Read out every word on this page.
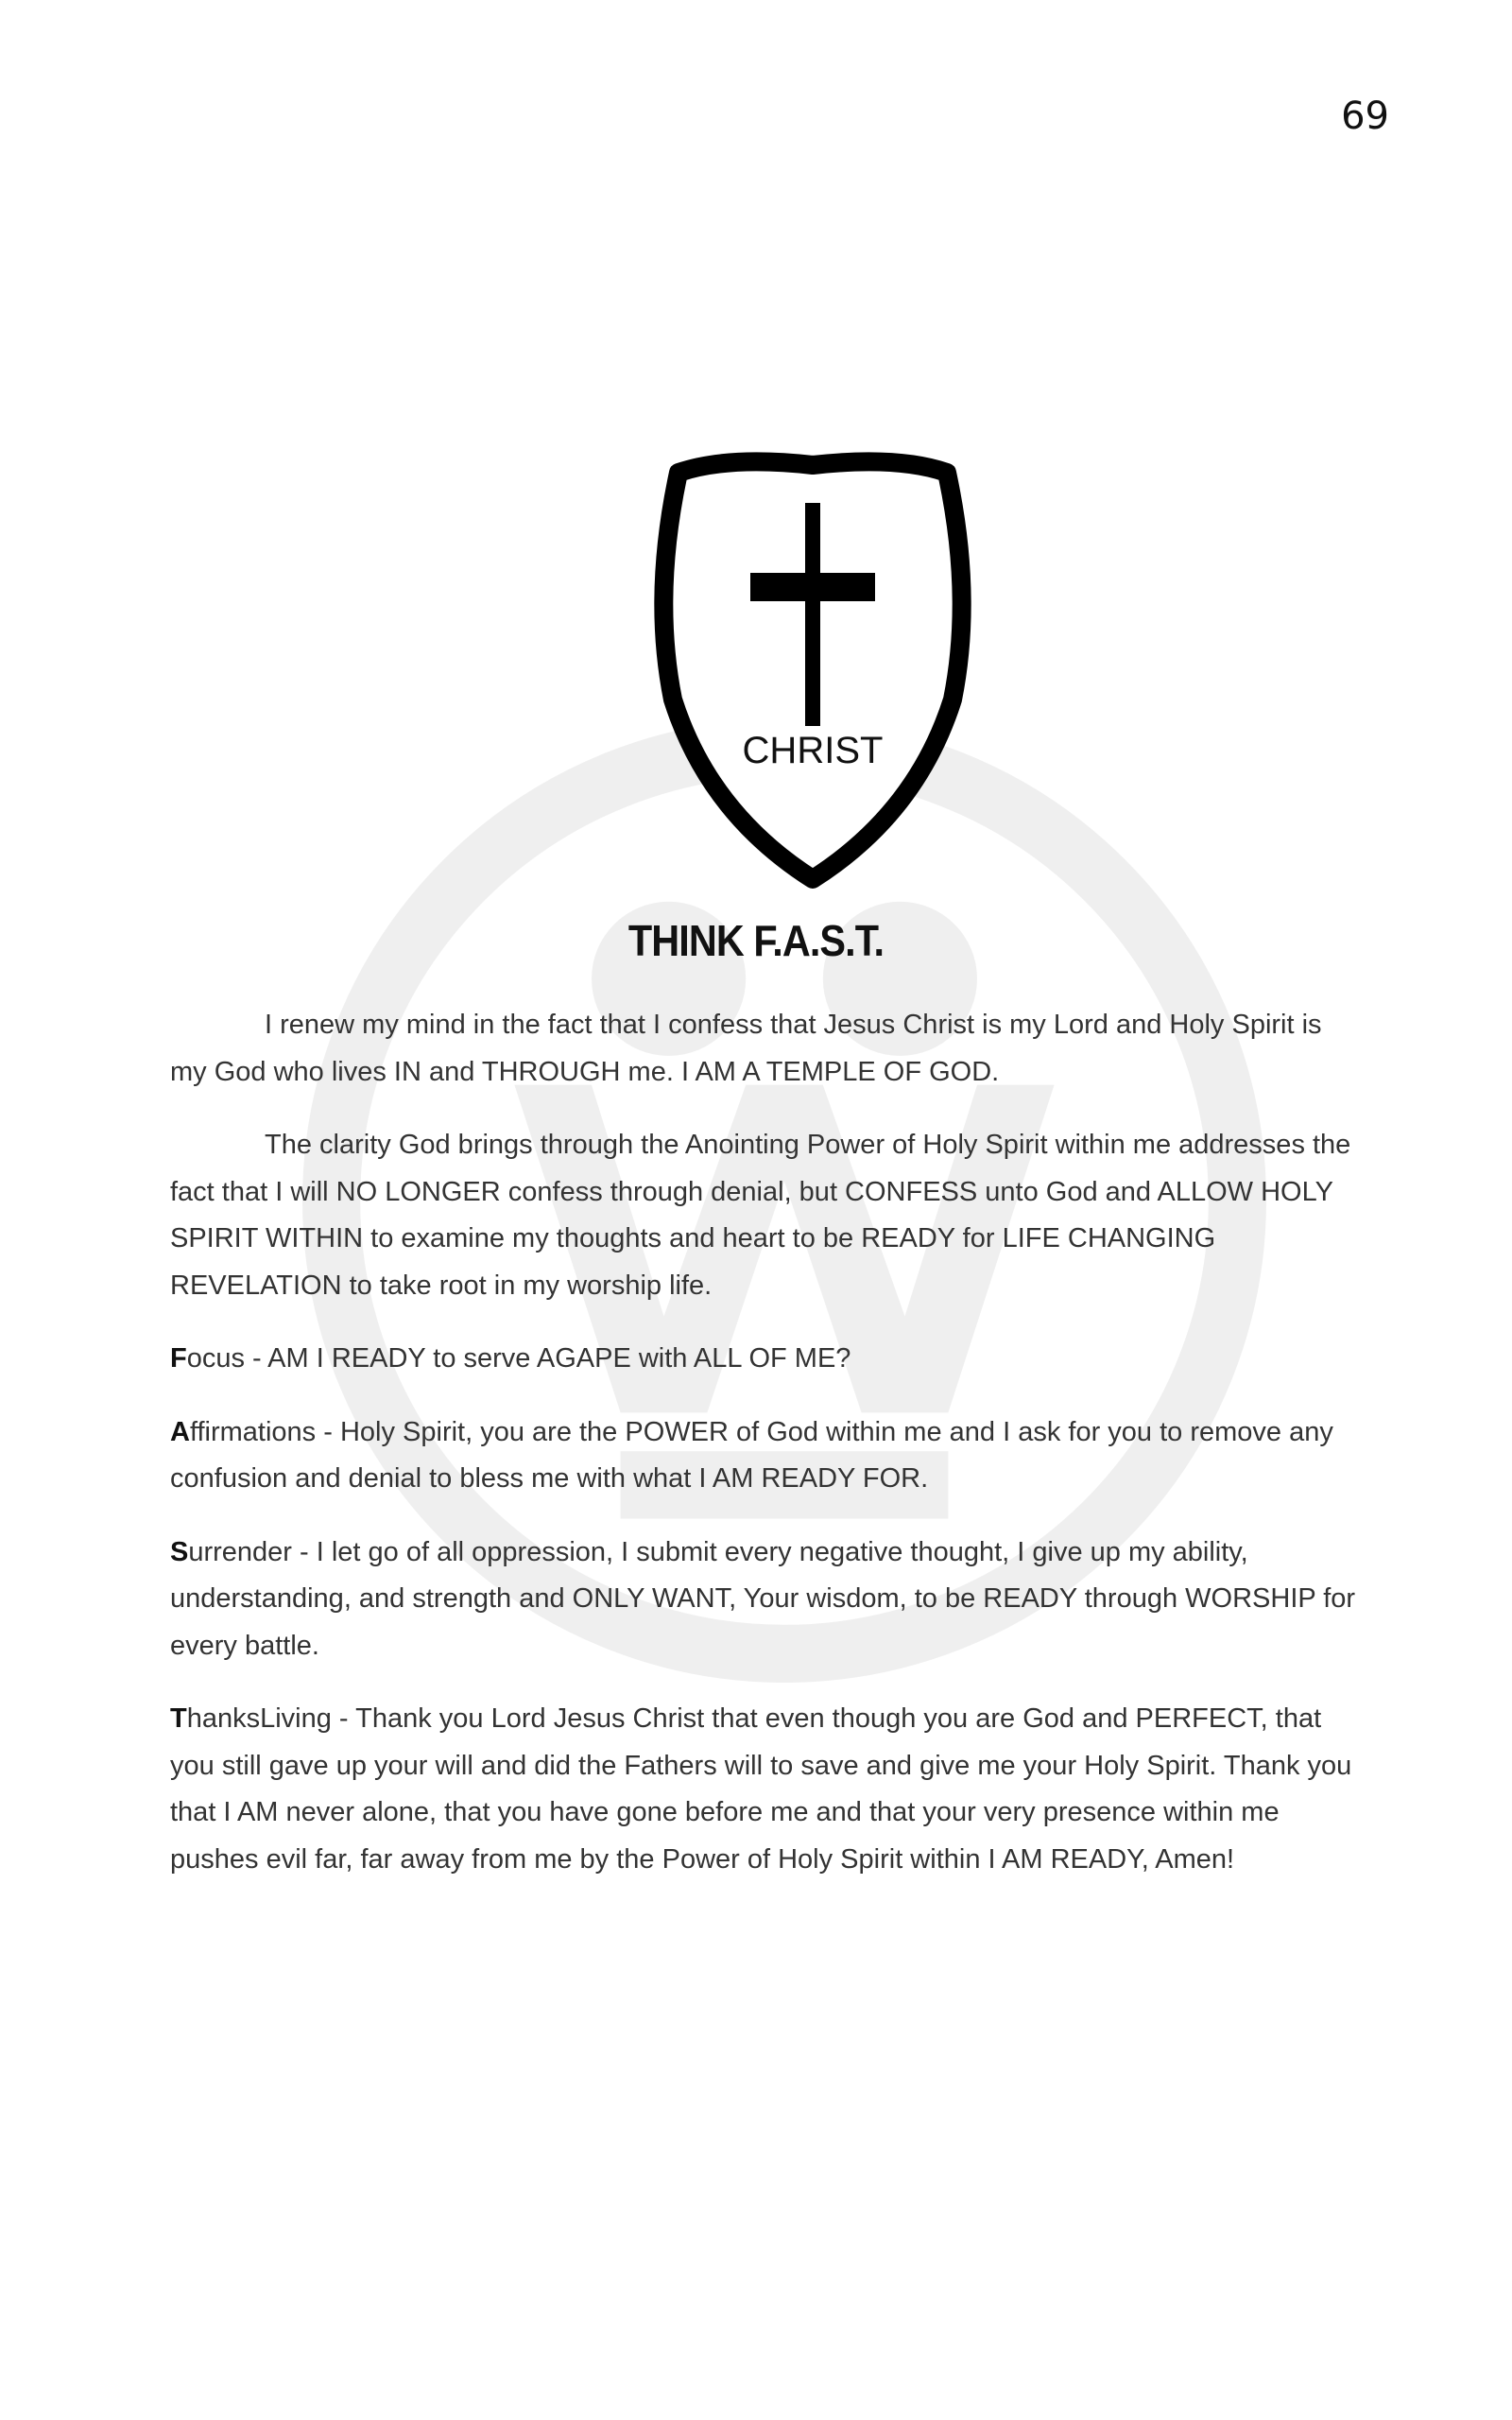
69
CHRIST
THINK F.A.S.T.

I renew my mind in the fact that I confess that Jesus Christ is my Lord and Holy Spirit is my God who lives IN and THROUGH me. I AM A TEMPLE OF GOD.

The clarity God brings through the Anointing Power of Holy Spirit within me addresses the fact that I will NO LONGER confess through denial, but CONFESS unto God and ALLOW HOLY SPIRIT WITHIN to examine my thoughts and heart to be READY for LIFE CHANGING REVELATION to take root in my worship life.

Focus - AM I READY to serve AGAPE with ALL OF ME?

Affirmations - Holy Spirit, you are the POWER of God within me and I ask for you to remove any confusion and denial to bless me with what I AM READY FOR.

Surrender - I let go of all oppression, I submit every negative thought, I give up my ability, understanding, and strength and ONLY WANT, Your wisdom, to be READY through WORSHIP for every battle.

ThanksLiving - Thank you Lord Jesus Christ that even though you are God and PERFECT, that you still gave up your will and did the Fathers will to save and give me your Holy Spirit. Thank you that I AM never alone, that you have gone before me and that your very presence within me pushes evil far, far away from me by the Power of Holy Spirit within I AM READY, Amen!
